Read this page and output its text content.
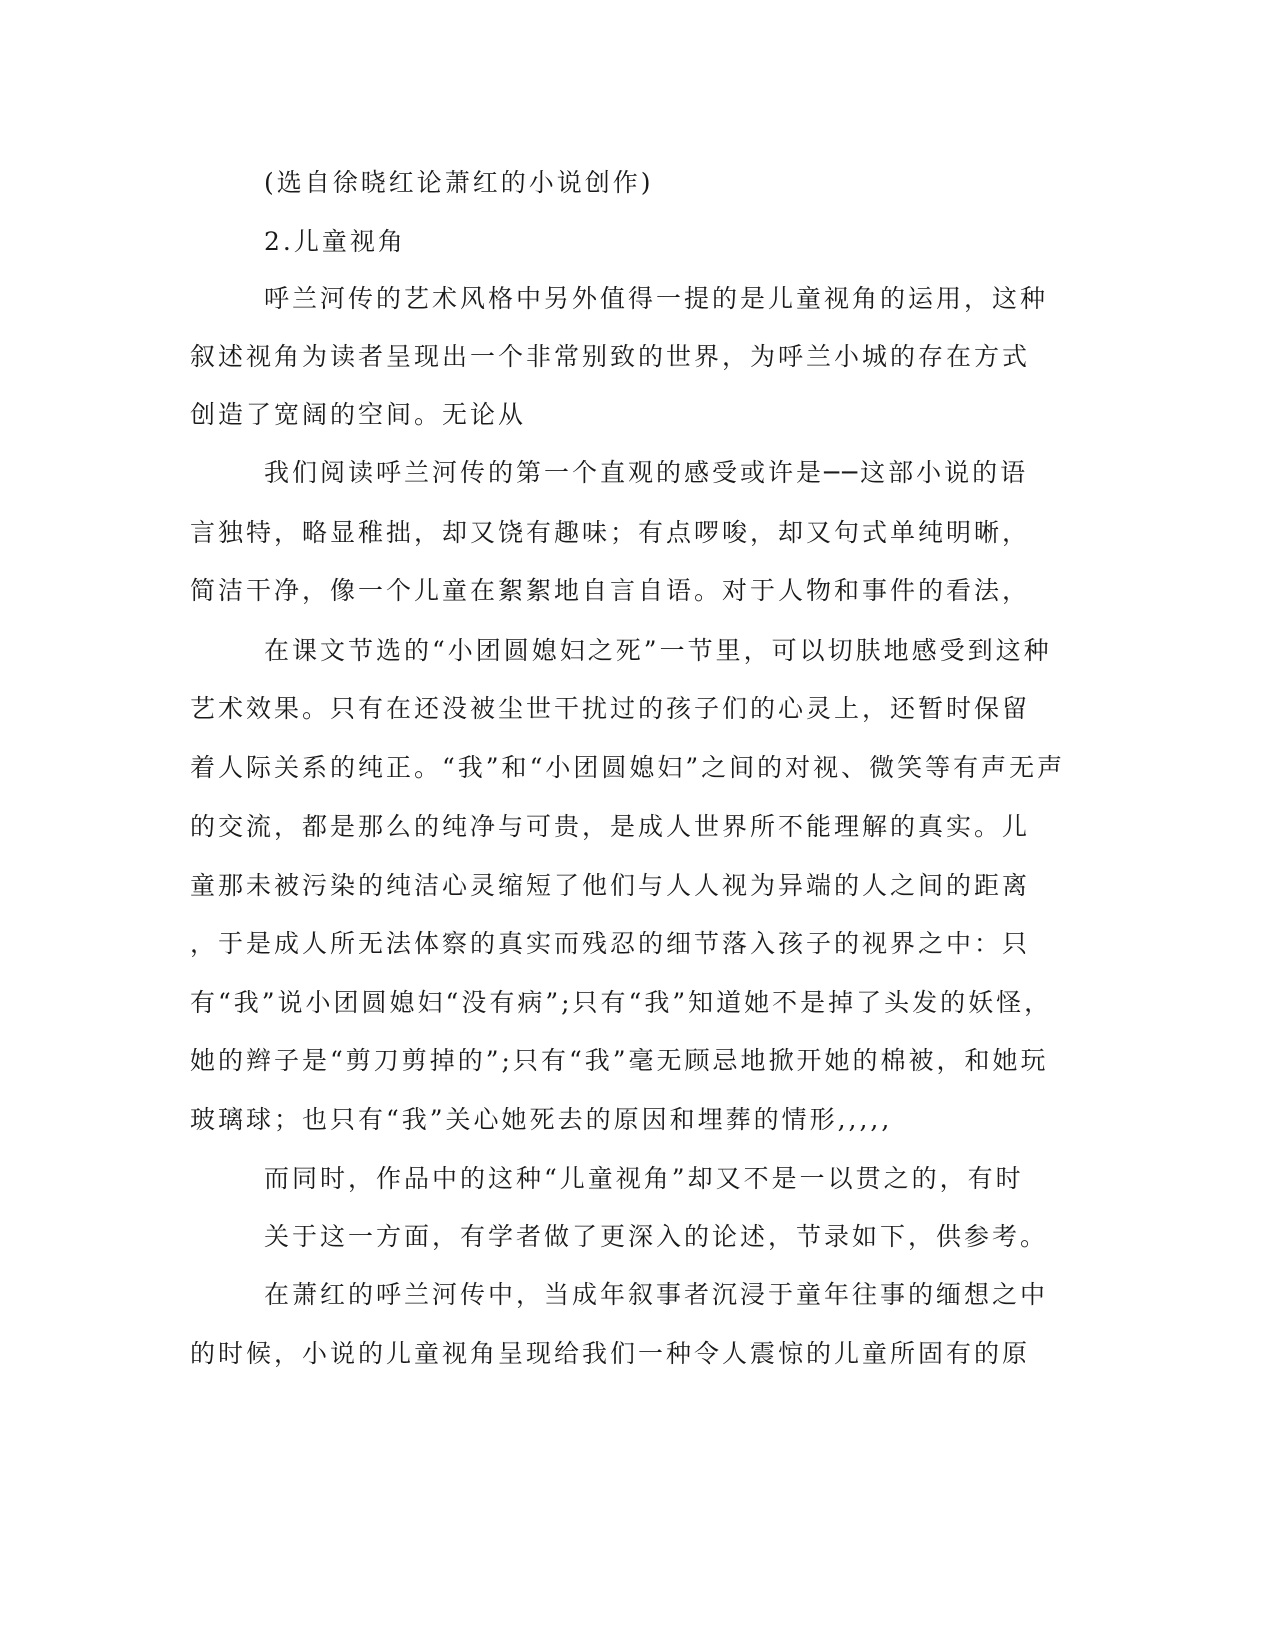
(选自徐晓红论萧红的小说创作)
2.儿童视角
呼兰河传的艺术风格中另外值得一提的是儿童视角的运用，这种
叙述视角为读者呈现出一个非常别致的世界，为呼兰小城的存在方式
创造了宽阔的空间。无论从
我们阅读呼兰河传的第一个直观的感受或许是──这部小说的语
言独特，略显稚拙，却又饶有趣味；有点啰唆，却又句式单纯明晰，
简洁干净，像一个儿童在絮絮地自言自语。对于人物和事件的看法，
在课文节选的“小团圆媳妇之死”一节里，可以切肤地感受到这种
艺术效果。只有在还没被尘世干扰过的孩子们的心灵上，还暂时保留
着人际关系的纯正。“我”和“小团圆媳妇”之间的对视、微笑等有声无声
的交流，都是那么的纯净与可贵，是成人世界所不能理解的真实。儿
童那未被污染的纯洁心灵缩短了他们与人人视为异端的人之间的距离
，于是成人所无法体察的真实而残忍的细节落入孩子的视界之中：只
有“我”说小团圆媳妇“没有病”;只有“我”知道她不是掉了头发的妖怪，
她的辫子是“剪刀剪掉的”;只有“我”毫无顾忌地掀开她的棉被，和她玩
玻璃球；也只有“我”关心她死去的原因和埋葬的情形,,,,,
而同时，作品中的这种“儿童视角”却又不是一以贯之的，有时
关于这一方面，有学者做了更深入的论述，节录如下，供参考。
在萧红的呼兰河传中，当成年叙事者沉浸于童年往事的缅想之中
的时候，小说的儿童视角呈现给我们一种令人震惊的儿童所固有的原
